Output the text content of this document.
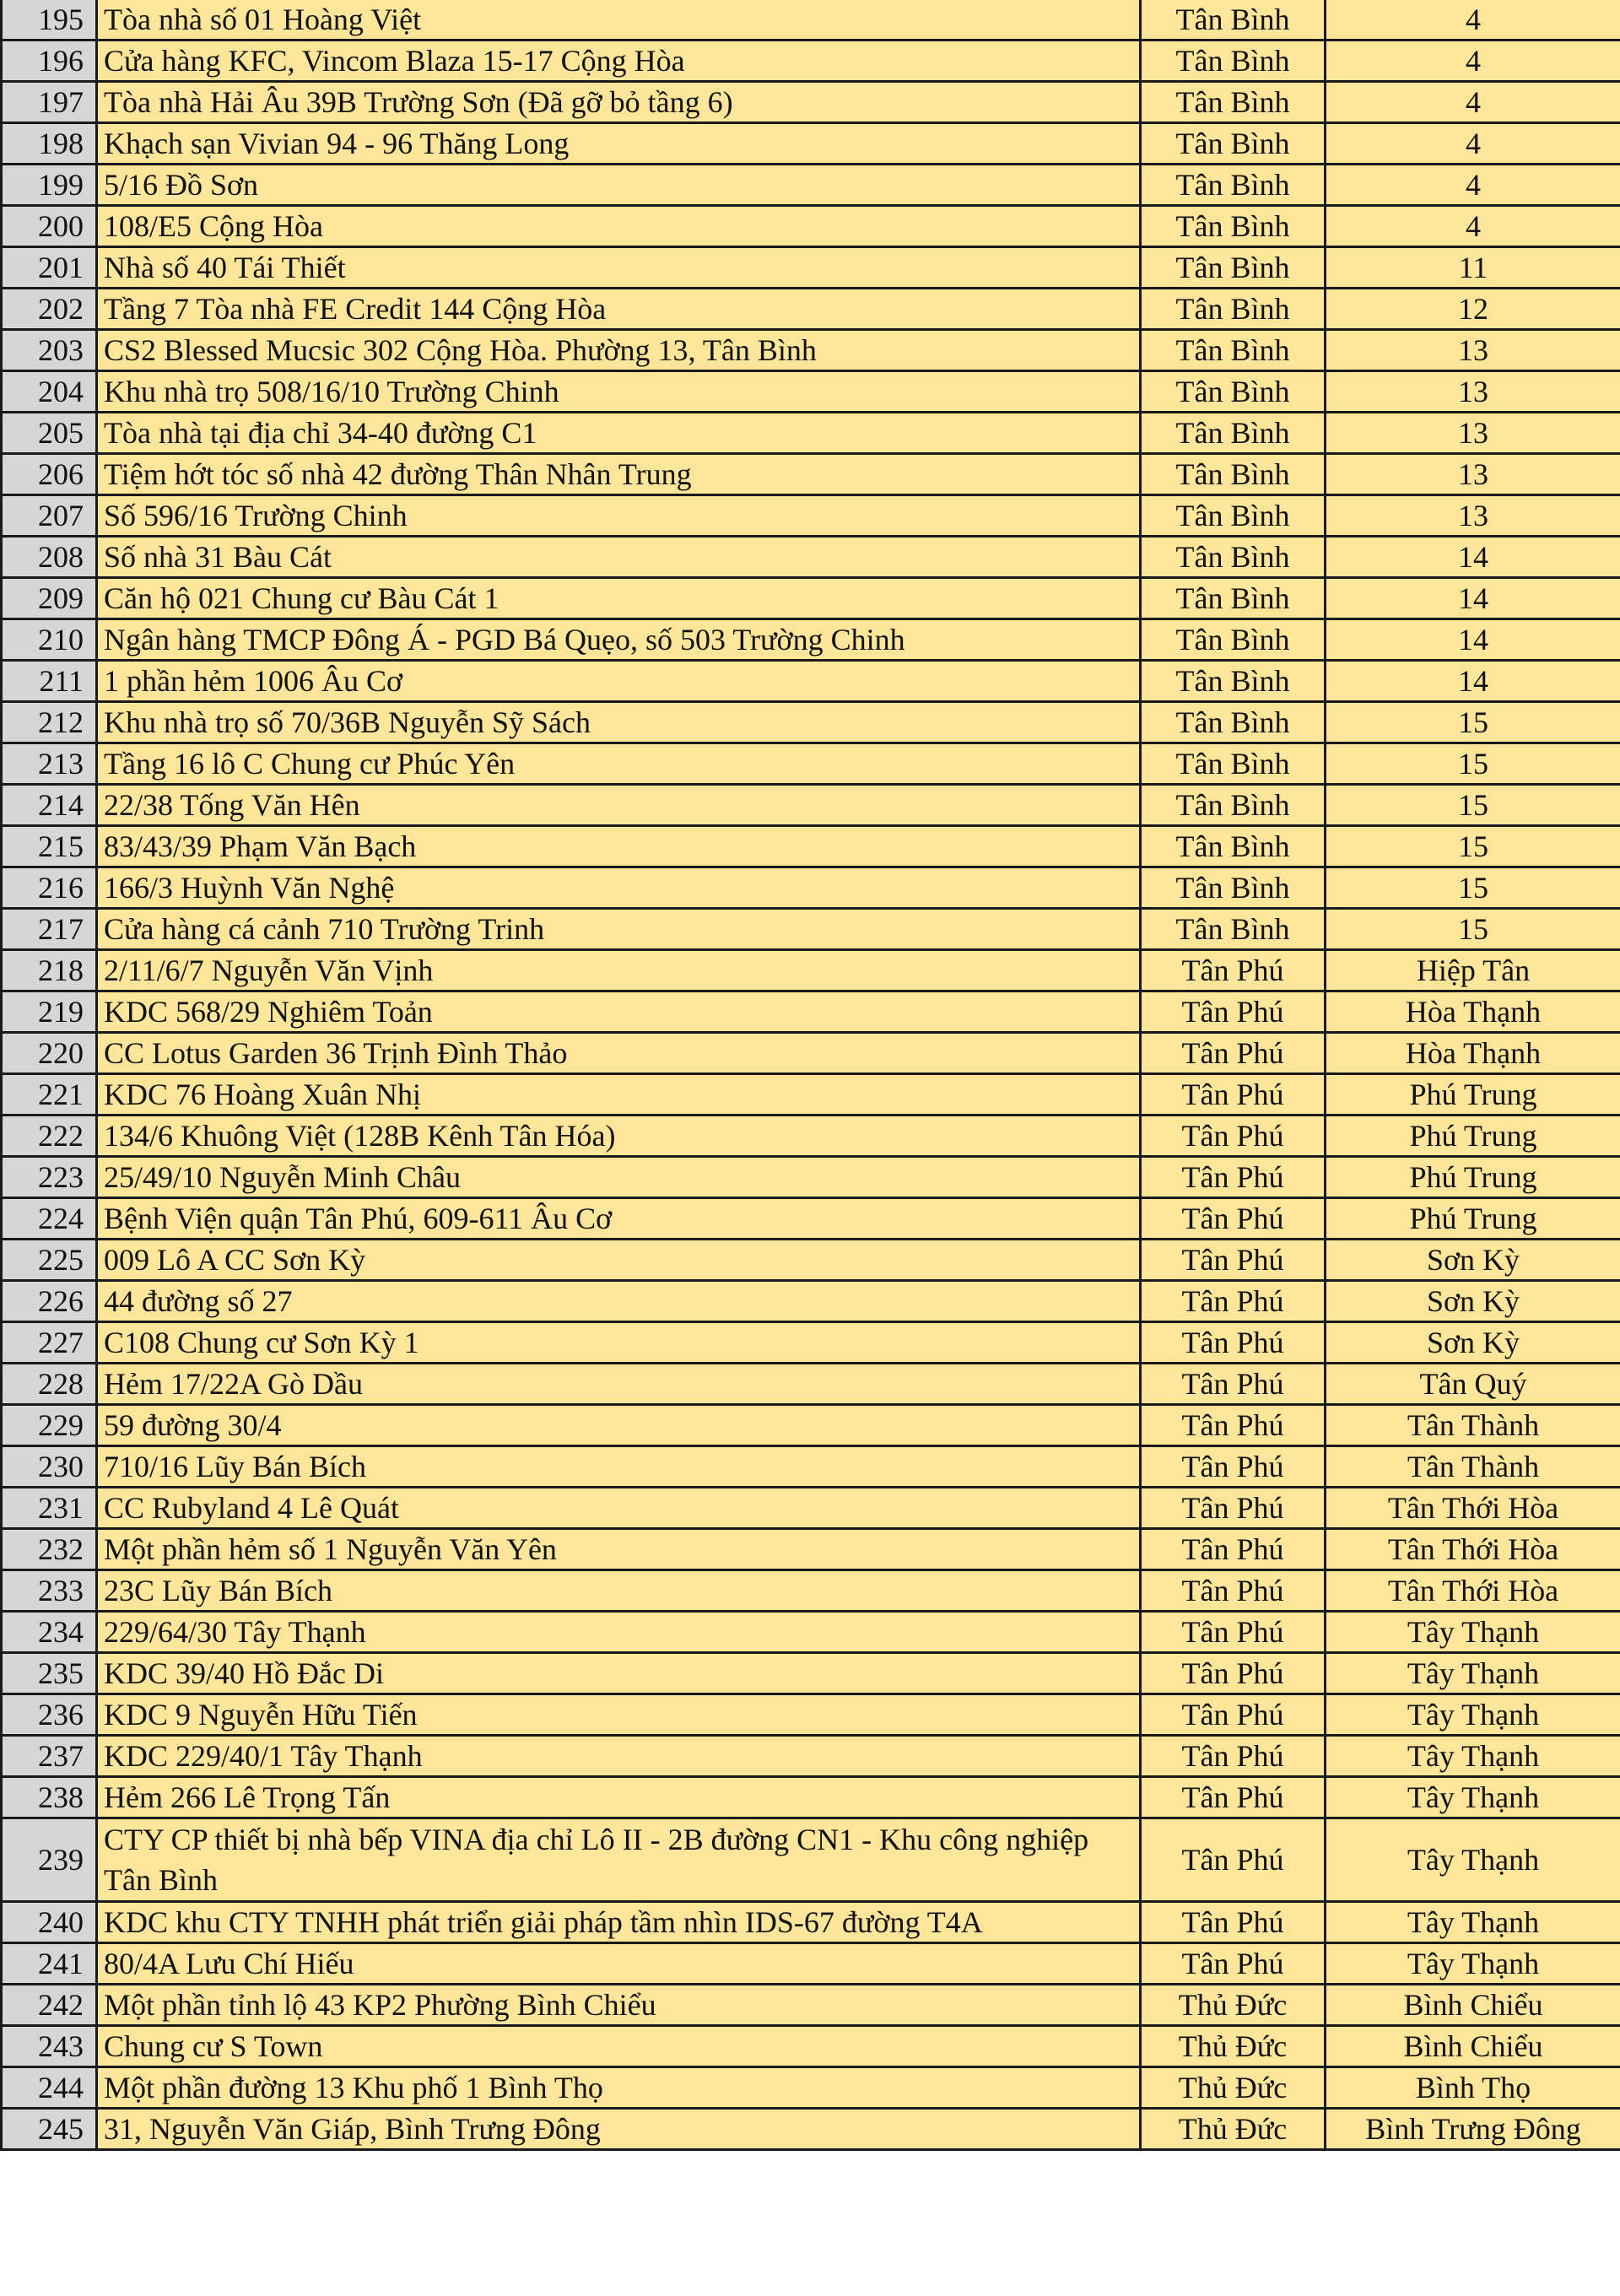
195	Tòa nhà số 01 Hoàng Việt	Tân Bình	4
196	Cửa hàng KFC, Vincom Blaza 15-17 Cộng Hòa	Tân Bình	4
197	Tòa nhà Hải Âu 39B Trường Sơn (Đã gỡ bỏ tầng 6)	Tân Bình	4
198	Khạch sạn Vivian 94 - 96 Thăng Long	Tân Bình	4
199	5/16 Đồ Sơn	Tân Bình	4
200	108/E5 Cộng Hòa	Tân Bình	4
201	Nhà số 40 Tái Thiết	Tân Bình	11
202	Tầng 7 Tòa nhà FE Credit 144 Cộng Hòa	Tân Bình	12
203	CS2 Blessed Mucsic 302 Cộng Hòa. Phường 13, Tân Bình	Tân Bình	13
204	Khu nhà trọ 508/16/10 Trường Chinh	Tân Bình	13
205	Tòa nhà tại địa chỉ 34-40 đường C1	Tân Bình	13
206	Tiệm hớt tóc số nhà 42 đường Thân Nhân Trung	Tân Bình	13
207	Số 596/16 Trường Chinh	Tân Bình	13
208	Số nhà 31 Bàu Cát	Tân Bình	14
209	Căn hộ 021 Chung cư Bàu Cát 1	Tân Bình	14
210	Ngân hàng TMCP Đông Á - PGD Bá Quẹo, số 503 Trường Chinh	Tân Bình	14
211	1 phần hẻm 1006 Âu Cơ	Tân Bình	14
212	Khu nhà trọ số 70/36B Nguyễn Sỹ Sách	Tân Bình	15
213	Tầng 16 lô C Chung cư Phúc Yên	Tân Bình	15
214	22/38 Tống Văn Hên	Tân Bình	15
215	83/43/39 Phạm Văn Bạch	Tân Bình	15
216	166/3 Huỳnh Văn Nghệ	Tân Bình	15
217	Cửa hàng cá cảnh 710 Trường Trinh	Tân Bình	15
218	2/11/6/7 Nguyễn Văn Vịnh	Tân Phú	Hiệp Tân
219	KDC 568/29 Nghiêm Toản	Tân Phú	Hòa Thạnh
220	CC Lotus Garden 36 Trịnh Đình Thảo	Tân Phú	Hòa Thạnh
221	KDC 76 Hoàng Xuân Nhị	Tân Phú	Phú Trung
222	134/6 Khuông Việt (128B Kênh Tân Hóa)	Tân Phú	Phú Trung
223	25/49/10 Nguyễn Minh Châu	Tân Phú	Phú Trung
224	Bệnh Viện quận Tân Phú, 609-611 Âu Cơ	Tân Phú	Phú Trung
225	009 Lô A CC Sơn Kỳ	Tân Phú	Sơn Kỳ
226	44 đường số 27	Tân Phú	Sơn Kỳ
227	C108 Chung cư Sơn Kỳ 1	Tân Phú	Sơn Kỳ
228	Hẻm 17/22A Gò Dầu	Tân Phú	Tân Quý
229	59 đường 30/4	Tân Phú	Tân Thành
230	710/16 Lũy Bán Bích	Tân Phú	Tân Thành
231	CC Rubyland 4 Lê Quát	Tân Phú	Tân Thới Hòa
232	Một phần hẻm số 1 Nguyễn Văn Yên	Tân Phú	Tân Thới Hòa
233	23C Lũy Bán Bích	Tân Phú	Tân Thới Hòa
234	229/64/30 Tây Thạnh	Tân Phú	Tây Thạnh
235	KDC 39/40 Hồ Đắc Di	Tân Phú	Tây Thạnh
236	KDC 9 Nguyễn Hữu Tiến	Tân Phú	Tây Thạnh
237	KDC 229/40/1 Tây Thạnh	Tân Phú	Tây Thạnh
238	Hẻm 266 Lê Trọng Tấn	Tân Phú	Tây Thạnh
239	CTY CP thiết bị nhà bếp VINA địa chỉ Lô II - 2B đường CN1 - Khu công nghiệp Tân Bình	Tân Phú	Tây Thạnh
240	KDC khu CTY TNHH phát triển giải pháp tầm nhìn IDS-67 đường T4A	Tân Phú	Tây Thạnh
241	80/4A Lưu Chí Hiếu	Tân Phú	Tây Thạnh
242	Một phần tỉnh lộ 43 KP2 Phường Bình Chiểu	Thủ Đức	Bình Chiểu
243	Chung cư S Town	Thủ Đức	Bình Chiểu
244	Một phần đường 13 Khu phố 1 Bình Thọ	Thủ Đức	Bình Thọ
245	31, Nguyễn Văn Giáp, Bình Trưng Đông	Thủ Đức	Bình Trưng Đông
